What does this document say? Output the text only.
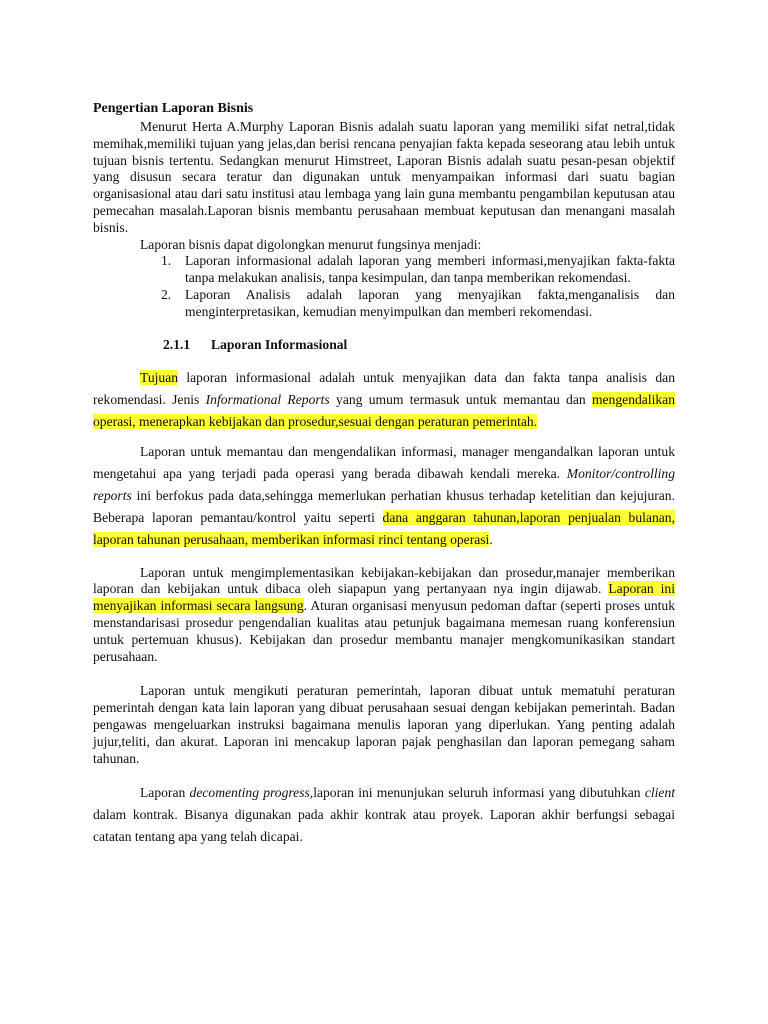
Pengertian Laporan Bisnis

Menurut Herta A.Murphy Laporan Bisnis adalah suatu laporan yang memiliki sifat netral,tidak memihak,memiliki tujuan yang jelas,dan berisi rencana penyajian fakta kepada seseorang atau lebih untuk tujuan bisnis tertentu. Sedangkan menurut Himstreet, Laporan Bisnis adalah suatu pesan-pesan objektif yang disusun secara teratur dan digunakan untuk menyampaikan informasi dari suatu bagian organisasional atau dari satu institusi atau lembaga yang lain guna membantu pengambilan keputusan atau pemecahan masalah.Laporan bisnis membantu perusahaan membuat keputusan dan menangani masalah bisnis.

Laporan bisnis dapat digolongkan menurut fungsinya menjadi:

1. Laporan informasional adalah laporan yang memberi informasi,menyajikan fakta-fakta tanpa melakukan analisis, tanpa kesimpulan, dan tanpa memberikan rekomendasi.
2. Laporan Analisis adalah laporan yang menyajikan fakta,menganalisis dan menginterpretasikan, kemudian menyimpulkan dan memberi rekomendasi.
2.1.1 Laporan Informasional

Tujuan laporan informasional adalah untuk menyajikan data dan fakta tanpa analisis dan rekomendasi. Jenis Informational Reports yang umum termasuk untuk memantau dan mengendalikan operasi, menerapkan kebijakan dan prosedur,sesuai dengan peraturan pemerintah.

Laporan untuk memantau dan mengendalikan informasi, manager mengandalkan laporan untuk mengetahui apa yang terjadi pada operasi yang berada dibawah kendali mereka. Monitor/controlling reports ini berfokus pada data,sehingga memerlukan perhatian khusus terhadap ketelitian dan kejujuran. Beberapa laporan pemantau/kontrol yaitu seperti dana anggaran tahunan,laporan penjualan bulanan, laporan tahunan perusahaan, memberikan informasi rinci tentang operasi.

Laporan untuk mengimplementasikan kebijakan-kebijakan dan prosedur,manajer memberikan laporan dan kebijakan untuk dibaca oleh siapapun yang pertanyaan nya ingin dijawab. Laporan ini menyajikan informasi secara langsung. Aturan organisasi menyusun pedoman daftar (seperti proses untuk menstandarisasi prosedur pengendalian kualitas atau petunjuk bagaimana memesan ruang konferensiun untuk pertemuan khusus). Kebijakan dan prosedur membantu manajer mengkomunikasikan standart perusahaan.

Laporan untuk mengikuti peraturan pemerintah, laporan dibuat untuk mematuhi peraturan pemerintah dengan kata lain laporan yang dibuat perusahaan sesuai dengan kebijakan pemerintah. Badan pengawas mengeluarkan instruksi bagaimana menulis laporan yang diperlukan. Yang penting adalah jujur,teliti, dan akurat. Laporan ini mencakup laporan pajak penghasilan dan laporan pemegang saham tahunan.

Laporan decomenting progress,laporan ini menunjukan seluruh informasi yang dibutuhkan client dalam kontrak. Bisanya digunakan pada akhir kontrak atau proyek. Laporan akhir berfungsi sebagai catatan tentang apa yang telah dicapai.
